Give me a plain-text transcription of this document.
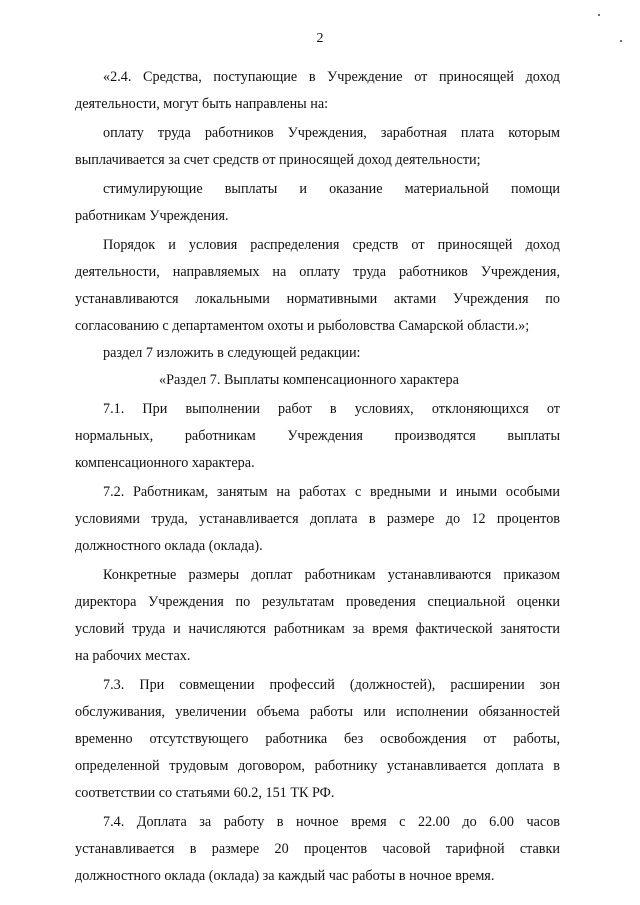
2
«2.4. Средства, поступающие в Учреждение от приносящей доход
деятельности, могут быть направлены на:
оплату труда работников Учреждения, заработная плата которым
выплачивается за счет средств от приносящей доход деятельности;
стимулирующие выплаты и оказание материальной помощи
работникам Учреждения.
Порядок и условия распределения средств от приносящей доход
деятельности, направляемых на оплату труда работников Учреждения,
устанавливаются локальными нормативными актами Учреждения по
согласованию с департаментом охоты и рыболовства Самарской области.»;
раздел 7 изложить в следующей редакции:
«Раздел 7. Выплаты компенсационного характера
7.1. При выполнении работ в условиях, отклоняющихся от
нормальных, работникам Учреждения производятся выплаты
компенсационного характера.
7.2. Работникам, занятым на работах с вредными и иными особыми
условиями труда, устанавливается доплата в размере до 12 процентов
должностного оклада (оклада).
Конкретные размеры доплат работникам устанавливаются приказом
директора Учреждения по результатам проведения специальной оценки
условий труда и начисляются работникам за время фактической занятости
на рабочих местах.
7.3. При совмещении профессий (должностей), расширении зон
обслуживания, увеличении объема работы или исполнении обязанностей
временно отсутствующего работника без освобождения от работы,
определенной трудовым договором, работнику устанавливается доплата в
соответствии со статьями 60.2, 151 ТК РФ.
7.4. Доплата за работу в ночное время с 22.00 до 6.00 часов
устанавливается в размере 20 процентов часовой тарифной ставки
должностного оклада (оклада) за каждый час работы в ночное время.
